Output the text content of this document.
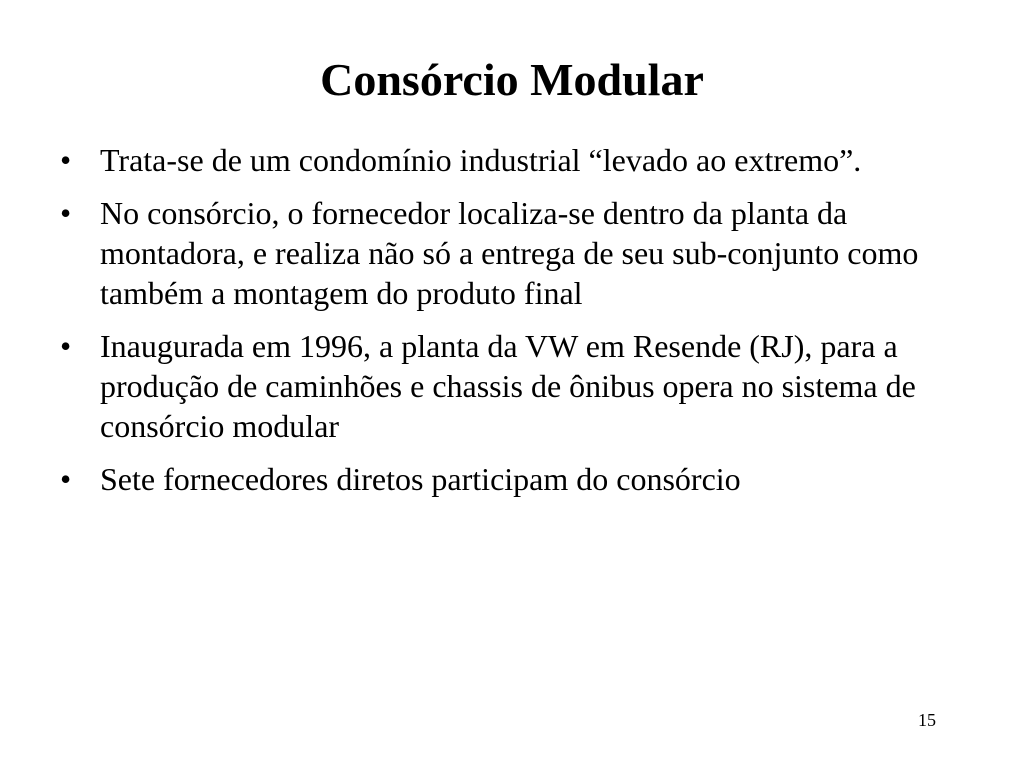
Consórcio Modular
• Trata-se de um condomínio industrial “levado ao extremo”.
• No consórcio, o fornecedor localiza-se dentro da planta da montadora, e realiza não só a entrega de seu sub-conjunto como também a montagem do produto final
• Inaugurada em 1996, a planta da VW em Resende (RJ), para a produção de caminhões e chassis de ônibus opera no sistema de consórcio modular
• Sete fornecedores diretos participam do consórcio
15
